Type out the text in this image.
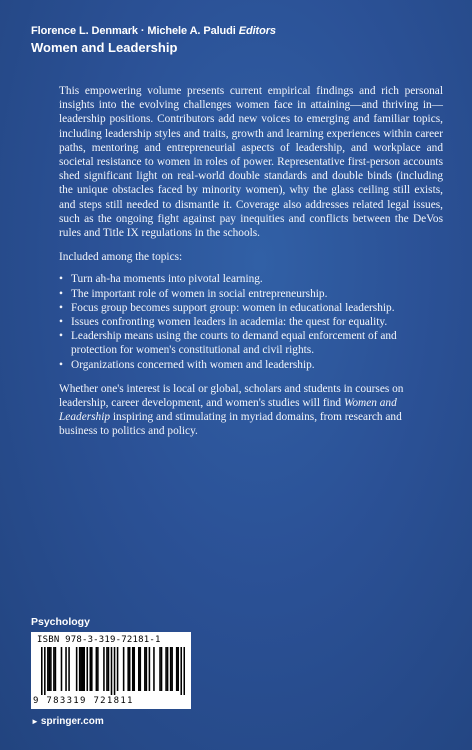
Florence L. Denmark · Michele A. Paludi Editors
Women and Leadership

This empowering volume presents current empirical findings and rich personal insights into the evolving challenges women face in attaining—and thriving in—leadership positions. Contributors add new voices to emerging and familiar topics, including leadership styles and traits, growth and learning experiences within career paths, mentoring and entrepreneurial aspects of leadership, and workplace and societal resistance to women in roles of power. Representative first-person accounts shed significant light on real-world double standards and double binds (including the unique obstacles faced by minority women), why the glass ceiling still exists, and steps still needed to dismantle it. Coverage also addresses related legal issues, such as the ongoing fight against pay inequities and conflicts between the DeVos rules and Title IX regulations in the schools.

Included among the topics:

• Turn ah-ha moments into pivotal learning.
• The important role of women in social entrepreneurship.
• Focus group becomes support group: women in educational leadership.
• Issues confronting women leaders in academia: the quest for equality.
• Leadership means using the courts to demand equal enforcement of and protection for women's constitutional and civil rights.
• Organizations concerned with women and leadership.

Whether one's interest is local or global, scholars and students in courses on leadership, career development, and women's studies will find Women and Leadership inspiring and stimulating in myriad domains, from research and business to politics and policy.

Psychology
ISBN 978-3-319-72181-1
9 783319 721811
► springer.com
